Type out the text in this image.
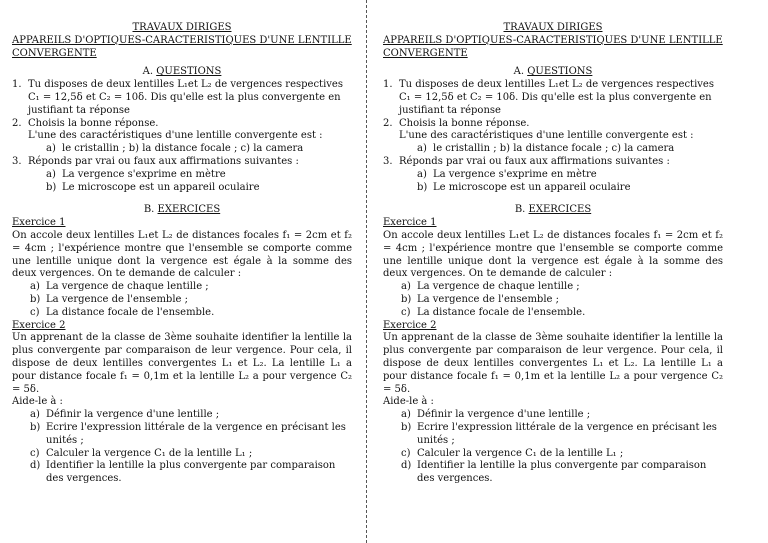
TRAVAUX DIRIGES
APPAREILS D'OPTIQUES-CARACTERISTIQUES D'UNE LENTILLE CONVERGENTE
A. QUESTIONS
1. Tu disposes de deux lentilles L₁et L₂ de vergences respectives C₁ = 12,5δ et C₂ = 10δ. Dis qu'elle est la plus convergente en justifiant ta réponse
2. Choisis la bonne réponse.
L'une des caractéristiques d'une lentille convergente est :
a) le cristallin ; b) la distance focale ; c) la camera
3. Réponds par vrai ou faux aux affirmations suivantes :
a) La vergence s'exprime en mètre
b) Le microscope est un appareil oculaire
B. EXERCICES
Exercice 1
On accole deux lentilles L₁et L₂ de distances focales f₁ = 2cm et f₂ = 4cm ; l'expérience montre que l'ensemble se comporte comme une lentille unique dont la vergence est égale à la somme des deux vergences. On te demande de calculer :
a) La vergence de chaque lentille ;
b) La vergence de l'ensemble ;
c) La distance focale de l'ensemble.
Exercice 2
Un apprenant de la classe de 3ème souhaite identifier la lentille la plus convergente par comparaison de leur vergence. Pour cela, il dispose de deux lentilles convergentes L₁ et L₂. La lentille L₁ a pour distance focale f₁ = 0,1m et la lentille L₂ a pour vergence C₂ = 5δ.
Aide-le à :
a) Définir la vergence d'une lentille ;
b) Ecrire l'expression littérale de la vergence en précisant les unités ;
c) Calculer la vergence C₁ de la lentille L₁ ;
d) Identifier la lentille la plus convergente par comparaison des vergences.
TRAVAUX DIRIGES
APPAREILS D'OPTIQUES-CARACTERISTIQUES D'UNE LENTILLE CONVERGENTE
A. QUESTIONS
1. Tu disposes de deux lentilles L₁et L₂ de vergences respectives C₁ = 12,5δ et C₂ = 10δ. Dis qu'elle est la plus convergente en justifiant ta réponse
2. Choisis la bonne réponse.
L'une des caractéristiques d'une lentille convergente est :
a) le cristallin ; b) la distance focale ; c) la camera
3. Réponds par vrai ou faux aux affirmations suivantes :
a) La vergence s'exprime en mètre
b) Le microscope est un appareil oculaire
B. EXERCICES
Exercice 1
On accole deux lentilles L₁et L₂ de distances focales f₁ = 2cm et f₂ = 4cm ; l'expérience montre que l'ensemble se comporte comme une lentille unique dont la vergence est égale à la somme des deux vergences. On te demande de calculer :
a) La vergence de chaque lentille ;
b) La vergence de l'ensemble ;
c) La distance focale de l'ensemble.
Exercice 2
Un apprenant de la classe de 3ème souhaite identifier la lentille la plus convergente par comparaison de leur vergence. Pour cela, il dispose de deux lentilles convergentes L₁ et L₂. La lentille L₁ a pour distance focale f₁ = 0,1m et la lentille L₂ a pour vergence C₂ = 5δ.
Aide-le à :
a) Définir la vergence d'une lentille ;
b) Ecrire l'expression littérale de la vergence en précisant les unités ;
c) Calculer la vergence C₁ de la lentille L₁ ;
d) Identifier la lentille la plus convergente par comparaison des vergences.
